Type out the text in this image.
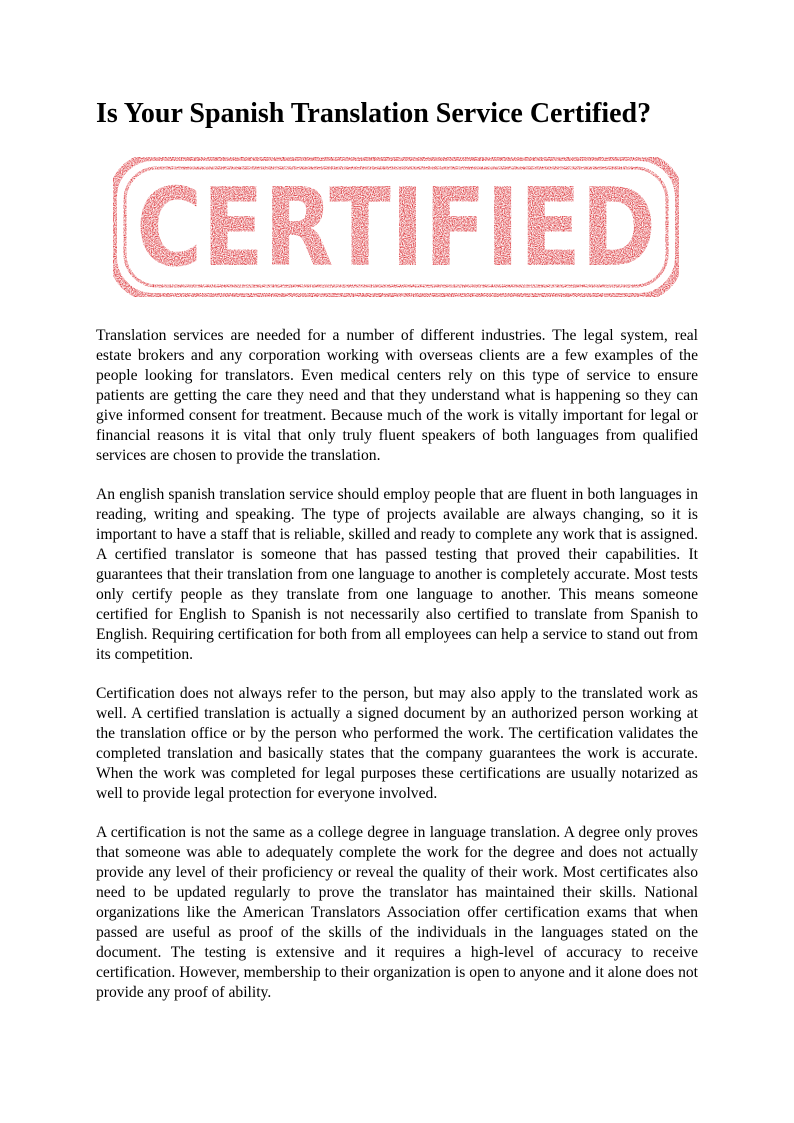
Is Your Spanish Translation Service Certified?
CERTIFIED

Translation services are needed for a number of different industries. The legal system, real estate brokers and any corporation working with overseas clients are a few examples of the people looking for translators. Even medical centers rely on this type of service to ensure patients are getting the care they need and that they understand what is happening so they can give informed consent for treatment. Because much of the work is vitally important for legal or financial reasons it is vital that only truly fluent speakers of both languages from qualified services are chosen to provide the translation.

An english spanish translation service should employ people that are fluent in both languages in reading, writing and speaking. The type of projects available are always changing, so it is important to have a staff that is reliable, skilled and ready to complete any work that is assigned. A certified translator is someone that has passed testing that proved their capabilities. It guarantees that their translation from one language to another is completely accurate. Most tests only certify people as they translate from one language to another. This means someone certified for English to Spanish is not necessarily also certified to translate from Spanish to English. Requiring certification for both from all employees can help a service to stand out from its competition.

Certification does not always refer to the person, but may also apply to the translated work as well. A certified translation is actually a signed document by an authorized person working at the translation office or by the person who performed the work. The certification validates the completed translation and basically states that the company guarantees the work is accurate. When the work was completed for legal purposes these certifications are usually notarized as well to provide legal protection for everyone involved.

A certification is not the same as a college degree in language translation. A degree only proves that someone was able to adequately complete the work for the degree and does not actually provide any level of their proficiency or reveal the quality of their work. Most certificates also need to be updated regularly to prove the translator has maintained their skills. National organizations like the American Translators Association offer certification exams that when passed are useful as proof of the skills of the individuals in the languages stated on the document. The testing is extensive and it requires a high-level of accuracy to receive certification. However, membership to their organization is open to anyone and it alone does not provide any proof of ability.
